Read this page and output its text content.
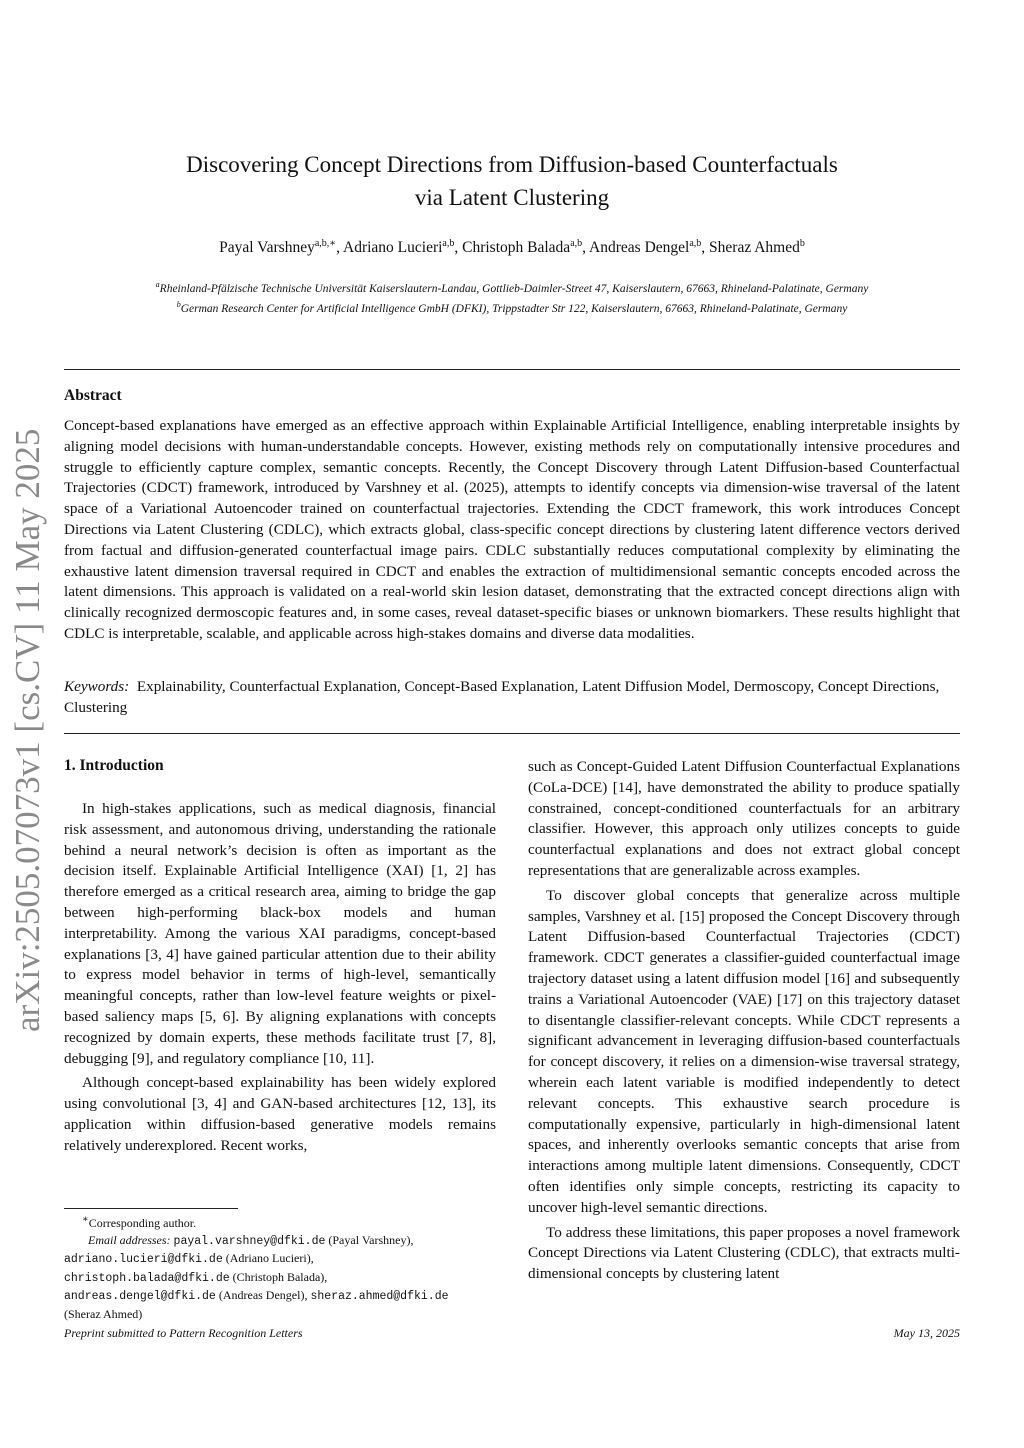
arXiv:2505.07073v1 [cs.CV] 11 May 2025
Discovering Concept Directions from Diffusion-based Counterfactuals
via Latent Clustering
Payal Varshney$^{a,b,∗}$, Adriano Lucieri$^{a,b}$, Christoph Balada$^{a,b}$, Andreas Dengel$^{a,b}$, Sheraz Ahmed$^b$
$^a$Rheinland-Pfälzische Technische Universität Kaiserslautern-Landau, Gottlieb-Daimler-Street 47, Kaiserslautern, 67663, Rhineland-Palatinate, Germany
$^b$German Research Center for Artificial Intelligence GmbH (DFKI), Trippstadter Str 122, Kaiserslautern, 67663, Rhineland-Palatinate, Germany
Abstract
Concept-based explanations have emerged as an effective approach within Explainable Artificial Intelligence, enabling interpretable insights by aligning model decisions with human-understandable concepts. However, existing methods rely on computationally intensive procedures and struggle to efficiently capture complex, semantic concepts. Recently, the Concept Discovery through Latent Diffusion-based Counterfactual Trajectories (CDCT) framework, introduced by Varshney et al. (2025), attempts to identify concepts via dimension-wise traversal of the latent space of a Variational Autoencoder trained on counterfactual trajectories. Extending the CDCT framework, this work introduces Concept Directions via Latent Clustering (CDLC), which extracts global, class-specific concept directions by clustering latent difference vectors derived from factual and diffusion-generated counterfactual image pairs. CDLC substantially reduces computational complexity by eliminating the exhaustive latent dimension traversal required in CDCT and enables the extraction of multidimensional semantic concepts encoded across the latent dimensions. This approach is validated on a real-world skin lesion dataset, demonstrating that the extracted concept directions align with clinically recognized dermoscopic features and, in some cases, reveal dataset-specific biases or unknown biomarkers. These results highlight that CDLC is interpretable, scalable, and applicable across high-stakes domains and diverse data modalities.
Keywords: Explainability, Counterfactual Explanation, Concept-Based Explanation, Latent Diffusion Model, Dermoscopy, Concept Directions, Clustering
1. Introduction

In high-stakes applications, such as medical diagnosis, financial risk assessment, and autonomous driving, understanding the rationale behind a neural network’s decision is often as important as the decision itself. Explainable Artificial Intelligence (XAI) [1, 2] has therefore emerged as a critical research area, aiming to bridge the gap between high-performing black-box models and human interpretability. Among the various XAI paradigms, concept-based explanations [3, 4] have gained particular attention due to their ability to express model behavior in terms of high-level, semantically meaningful concepts, rather than low-level feature weights or pixel-based saliency maps [5, 6]. By aligning explanations with concepts recognized by domain experts, these methods facilitate trust [7, 8], debugging [9], and regulatory compliance [10, 11].

Although concept-based explainability has been widely explored using convolutional [3, 4] and GAN-based architectures [12, 13], its application within diffusion-based generative models remains relatively underexplored. Recent works,

such as Concept-Guided Latent Diffusion Counterfactual Explanations (CoLa-DCE) [14], have demonstrated the ability to produce spatially constrained, concept-conditioned counterfactuals for an arbitrary classifier. However, this approach only utilizes concepts to guide counterfactual explanations and does not extract global concept representations that are generalizable across examples.

To discover global concepts that generalize across multiple samples, Varshney et al. [15] proposed the Concept Discovery through Latent Diffusion-based Counterfactual Trajectories (CDCT) framework. CDCT generates a classifier-guided counterfactual image trajectory dataset using a latent diffusion model [16] and subsequently trains a Variational Autoencoder (VAE) [17] on this trajectory dataset to disentangle classifier-relevant concepts. While CDCT represents a significant advancement in leveraging diffusion-based counterfactuals for concept discovery, it relies on a dimension-wise traversal strategy, wherein each latent variable is modified independently to detect relevant concepts. This exhaustive search procedure is computationally expensive, particularly in high-dimensional latent spaces, and inherently overlooks semantic concepts that arise from interactions among multiple latent dimensions. Consequently, CDCT often identifies only simple concepts, restricting its capacity to uncover high-level semantic directions.

To address these limitations, this paper proposes a novel framework Concept Directions via Latent Clustering (CDLC), that extracts multi-dimensional concepts by clustering latent

∗Corresponding author.
Email addresses: payal.varshney@dfki.de (Payal Varshney),
adriano.lucieri@dfki.de (Adriano Lucieri),
christoph.balada@dfki.de (Christoph Balada),
andreas.dengel@dfki.de (Andreas Dengel), sheraz.ahmed@dfki.de
(Sheraz Ahmed)
Preprint submitted to Pattern Recognition Letters	May 13, 2025
